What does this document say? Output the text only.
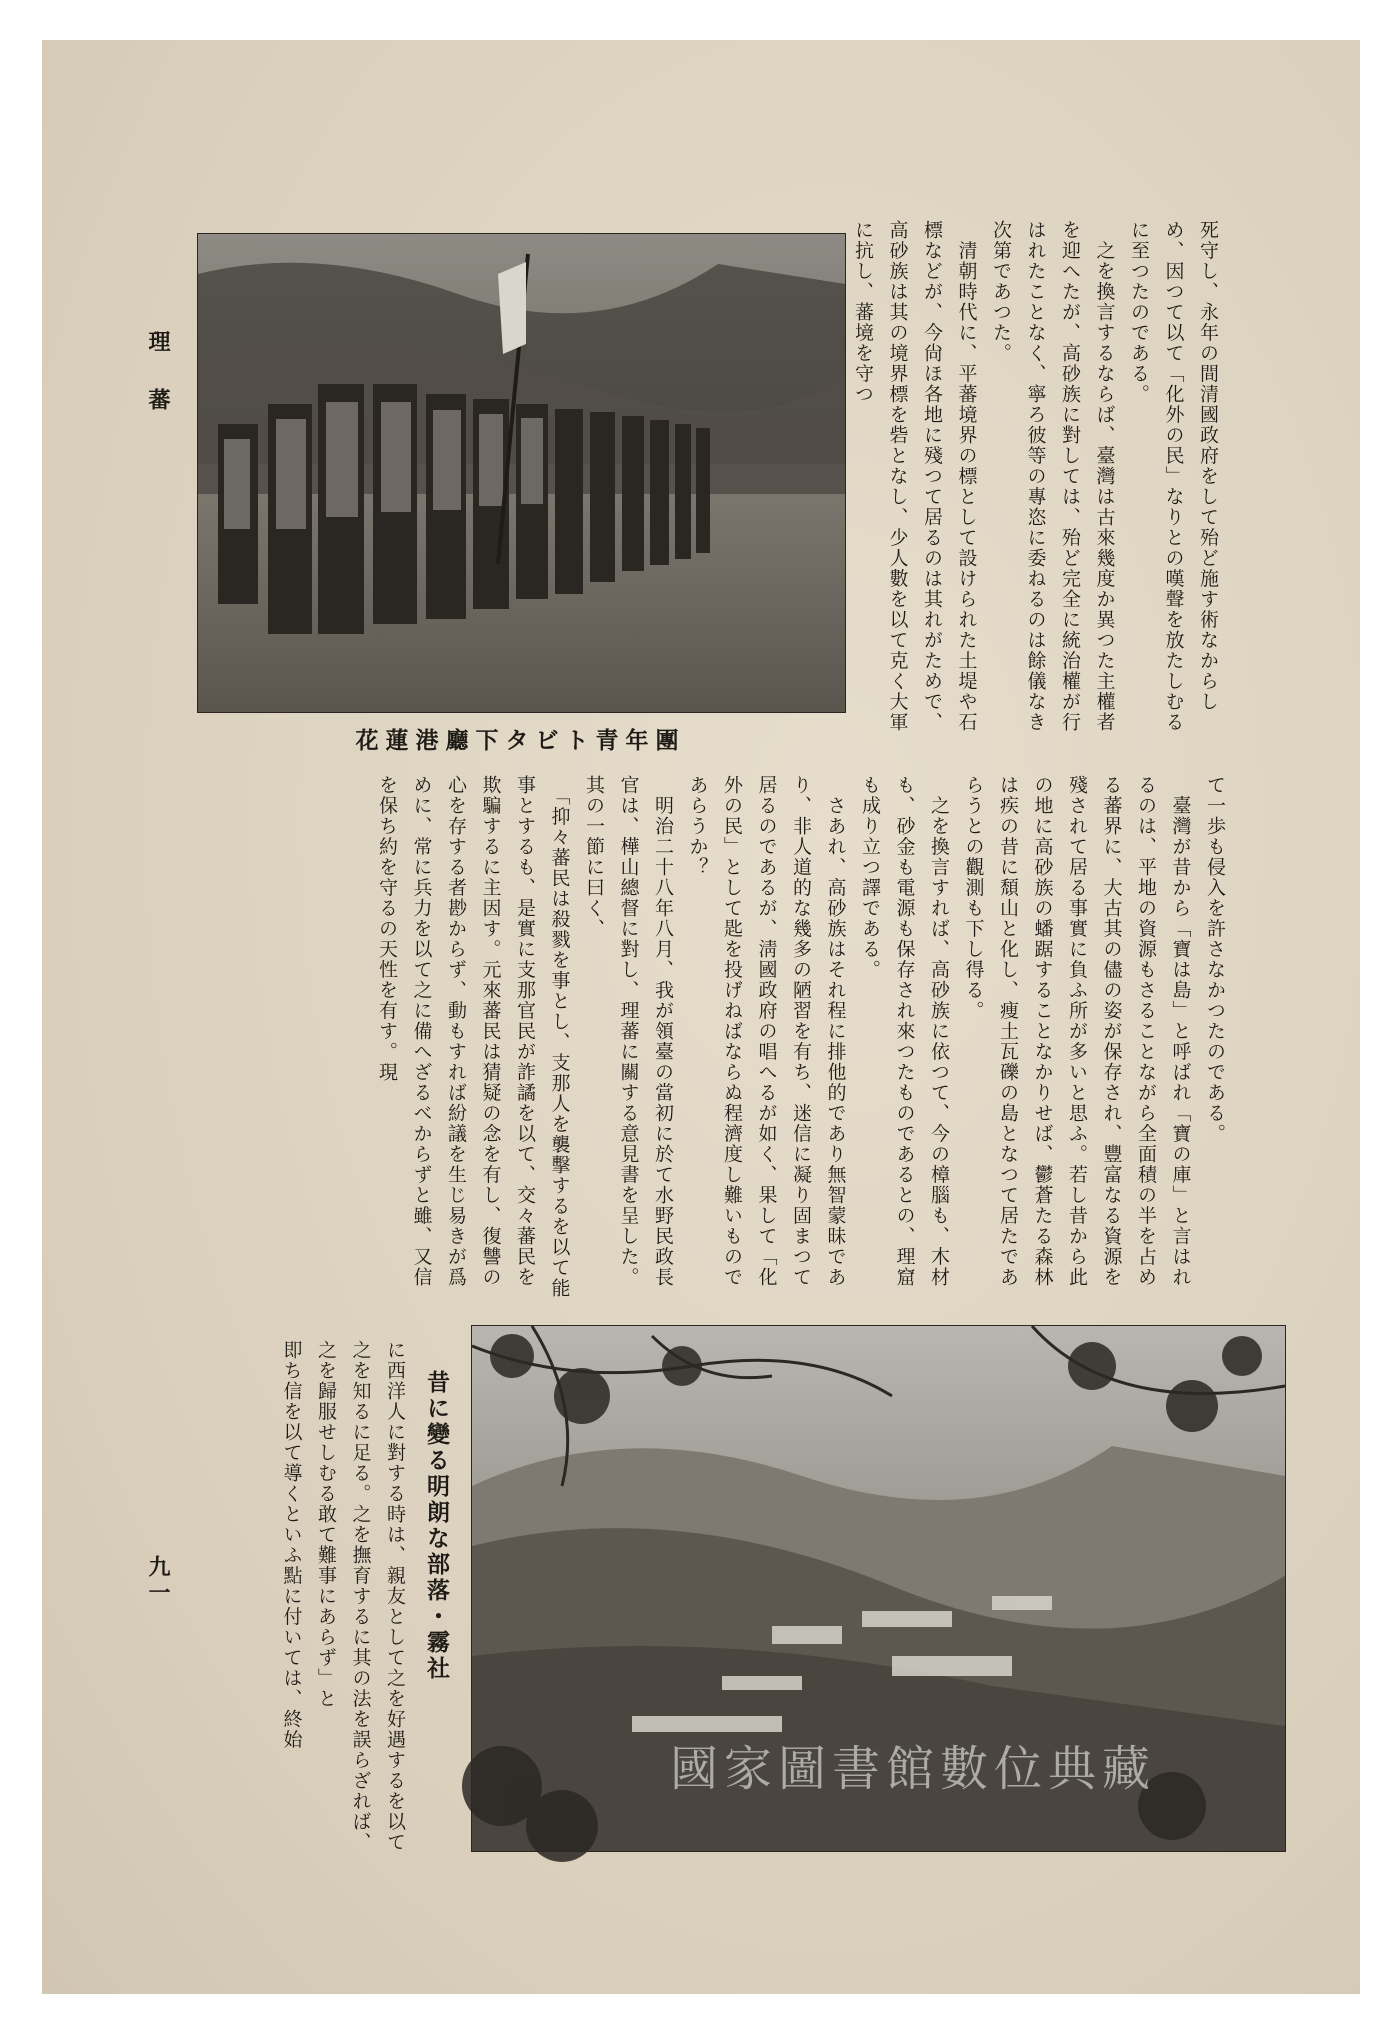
理蕃
九一
花蓮港廳下タビト青年團
死守し、永年の間清國政府をして殆ど施す術なからしめ、因つて以て「化外の民」なりとの嘆聲を放たしむるに至つたのである。
　之を換言するならば、臺灣は古來幾度か異つた主權者を迎へたが、高砂族に對しては、殆ど完全に統治權が行はれたことなく、寧ろ彼等の專恣に委ねるのは餘儀なき次第であつた。
　清朝時代に、平蕃境界の標として設けられた土堤や石標などが、今尙ほ各地に殘つて居るのは其れがためで、高砂族は其の境界標を砦となし、少人數を以て克く大軍に抗し、蕃境を守つ
て一歩も侵入を許さなかつたのである。
　臺灣が昔から「寶は島」と呼ばれ「寶の庫」と言はれるのは、平地の資源もさることながら全面積の半を占める蕃界に、大古其の儘の姿が保存され、豐富なる資源を殘されて居る事實に負ふ所が多いと思ふ。若し昔から此の地に高砂族の蟠踞することなかりせば、鬱蒼たる森林は疾の昔に頹山と化し、痩土瓦礫の島となつて居たであらうとの觀測も下し得る。
　之を換言すれば、高砂族に依つて、今の樟腦も、木材も、砂金も電源も保存され來つたものであるとの、理窟も成り立つ譯である。
　さあれ、高砂族はそれ程に排他的であり無智蒙昧であり、非人道的な幾多の陋習を有ち、迷信に凝り固まつて居るのであるが、淸國政府の唱へるが如く、果して「化外の民」として匙を投げねばならぬ程濟度し難いものであらうか？
　明治二十八年八月、我が領臺の當初に於て水野民政長官は、樺山總督に對し、理蕃に關する意見書を呈した。其の一節に曰く、
　「抑々蕃民は殺戮を事とし、支那人を襲擊するを以て能事とするも、是實に支那官民が詐譎を以て、交々蕃民を欺騙するに主因す。元來蕃民は猜疑の念を有し、復讐の心を存する者尠からず、動もすれば紛議を生じ易きが爲めに、常に兵力を以て之に備へざるべからずと雖、又信を保ち約を守るの天性を有す。現
昔に變る明朗な部落・霧社
に西洋人に對する時は、親友として之を好遇するを以て之を知るに足る。之を撫育するに其の法を誤らざれば、之を歸服せしむる敢て難事にあらず」と
即ち信を以て導くといふ點に付いては、終始
國家圖書館數位典藏
